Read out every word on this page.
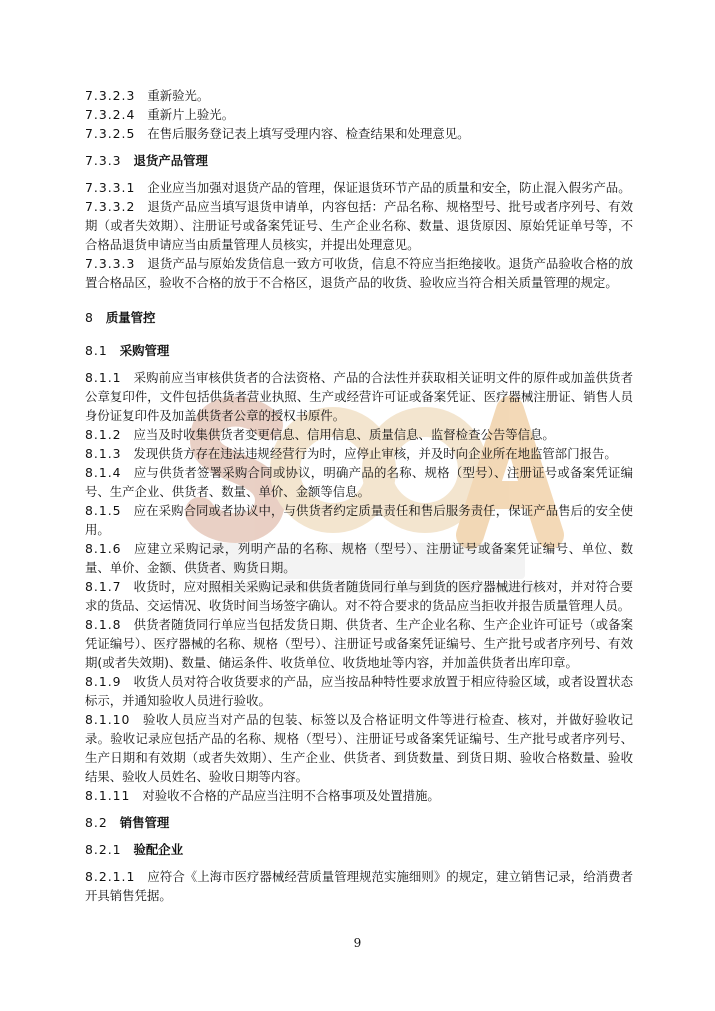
7.3.2.3 重新验光。
7.3.2.4 重新片上验光。
7.3.2.5 在售后服务登记表上填写受理内容、检查结果和处理意见。
7.3.3 退货产品管理
7.3.3.1 企业应当加强对退货产品的管理，保证退货环节产品的质量和安全，防止混入假劣产品。
7.3.3.2 退货产品应当填写退货申请单，内容包括：产品名称、规格型号、批号或者序列号、有效期（或者失效期）、注册证号或备案凭证号、生产企业名称、数量、退货原因、原始凭证单号等，不合格品退货申请应当由质量管理人员核实，并提出处理意见。
7.3.3.3 退货产品与原始发货信息一致方可收货，信息不符应当拒绝接收。退货产品验收合格的放置合格品区，验收不合格的放于不合格区，退货产品的收货、验收应当符合相关质量管理的规定。
8 质量管控
8.1 采购管理
8.1.1 采购前应当审核供货者的合法资格、产品的合法性并获取相关证明文件的原件或加盖供货者公章复印件，文件包括供货者营业执照、生产或经营许可证或备案凭证、医疗器械注册证、销售人员身份证复印件及加盖供货者公章的授权书原件。
8.1.2 应当及时收集供货者变更信息、信用信息、质量信息、监督检查公告等信息。
8.1.3 发现供货方存在违法违规经营行为时，应停止审核，并及时向企业所在地监管部门报告。
8.1.4 应与供货者签署采购合同或协议，明确产品的名称、规格（型号）、注册证号或备案凭证编号、生产企业、供货者、数量、单价、金额等信息。
8.1.5 应在采购合同或者协议中，与供货者约定质量责任和售后服务责任，保证产品售后的安全使用。
8.1.6 应建立采购记录，列明产品的名称、规格（型号）、注册证号或备案凭证编号、单位、数量、单价、金额、供货者、购货日期。
8.1.7 收货时，应对照相关采购记录和供货者随货同行单与到货的医疗器械进行核对，并对符合要求的货品、交运情况、收货时间当场签字确认。对不符合要求的货品应当拒收并报告质量管理人员。
8.1.8 供货者随货同行单应当包括发货日期、供货者、生产企业名称、生产企业许可证号（或备案凭证编号）、医疗器械的名称、规格（型号）、注册证号或备案凭证编号、生产批号或者序列号、有效期(或者失效期)、数量、储运条件、收货单位、收货地址等内容，并加盖供货者出库印章。
8.1.9 收货人员对符合收货要求的产品，应当按品种特性要求放置于相应待验区域，或者设置状态标示，并通知验收人员进行验收。
8.1.10 验收人员应当对产品的包装、标签以及合格证明文件等进行检查、核对，并做好验收记录。验收记录应包括产品的名称、规格（型号）、注册证号或备案凭证编号、生产批号或者序列号、生产日期和有效期（或者失效期）、生产企业、供货者、到货数量、到货日期、验收合格数量、验收结果、验收人员姓名、验收日期等内容。
8.1.11 对验收不合格的产品应当注明不合格事项及处置措施。
8.2 销售管理
8.2.1 验配企业
8.2.1.1 应符合《上海市医疗器械经营质量管理规范实施细则》的规定，建立销售记录，给消费者开具销售凭据。
9
